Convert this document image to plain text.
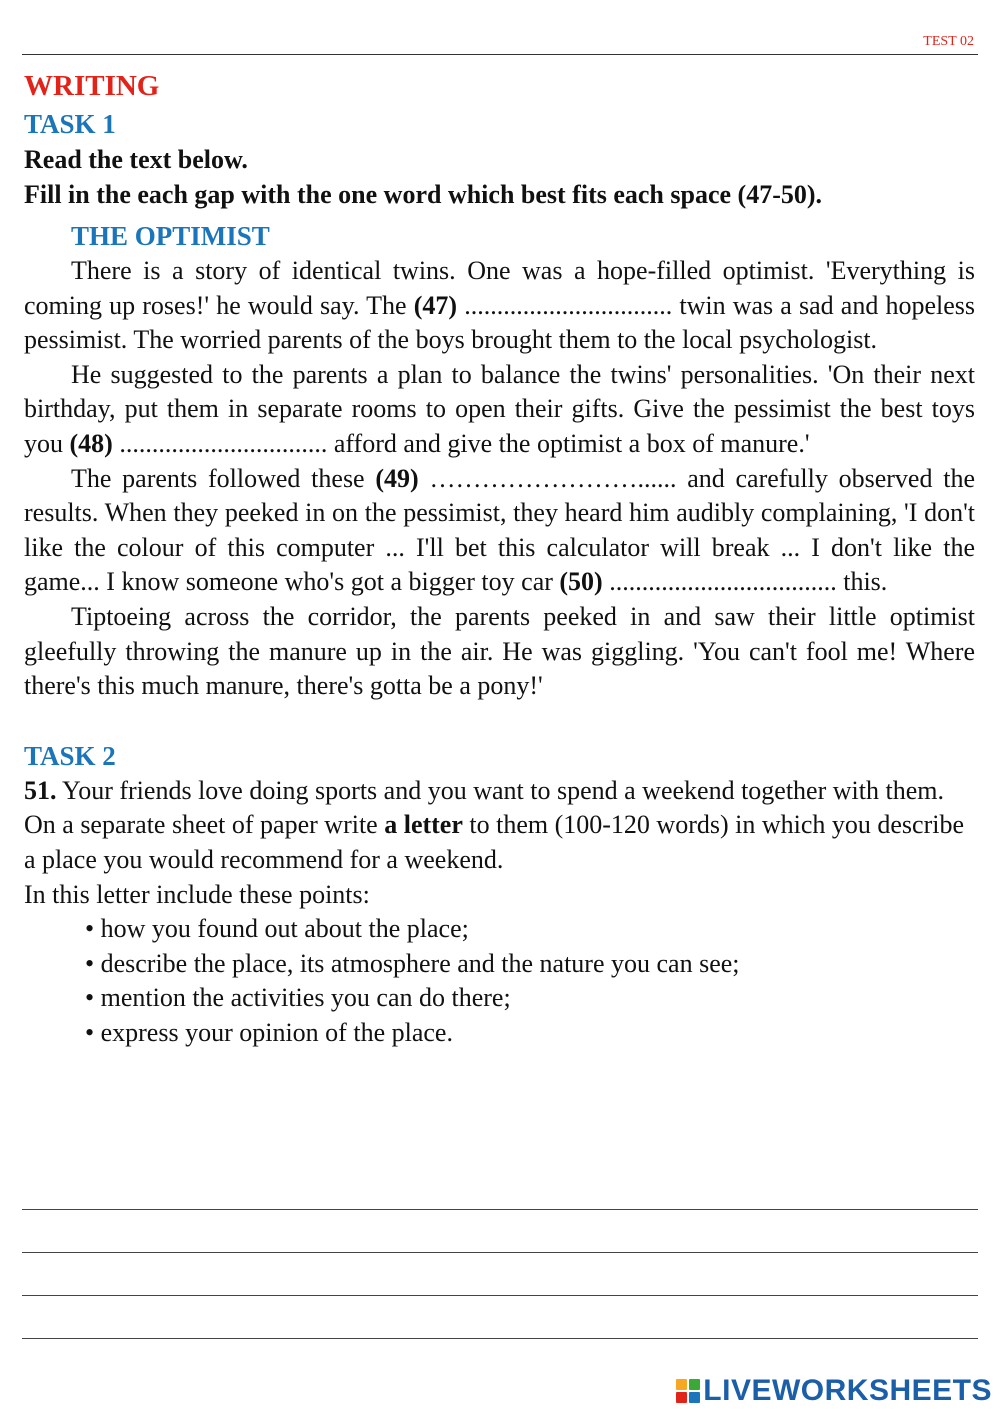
TEST 02
WRITING
TASK 1

Read the text below.

Fill in the each gap with the one word which best fits each space (47-50).

THE OPTIMIST

There is a story of identical twins. One was a hope-filled optimist. 'Everything is coming up roses!' he would say. The (47) ................................ twin was a sad and hopeless pessimist. The worried parents of the boys brought them to the local psychologist.

He suggested to the parents a plan to balance the twins' personalities. 'On their next birthday, put them in separate rooms to open their gifts. Give the pessimist the best toys you (48) ................................ afford and give the optimist a box of manure.'

The parents followed these (49) ……………………...... and carefully observed the results. When they peeked in on the pessimist, they heard him audibly complaining, 'I don't like the colour of this computer ... I'll bet this calculator will break ... I don't like the game... I know someone who's got a bigger toy car (50) ................................... this.

Tiptoeing across the corridor, the parents peeked in and saw their little optimist gleefully throwing the manure up in the air. He was giggling. 'You can't fool me! Where there's this much manure, there's gotta be a pony!'

TASK 2

51. Your friends love doing sports and you want to spend a weekend together with them. On a separate sheet of paper write a letter to them (100-120 words) in which you describe a place you would recommend for a weekend.

In this letter include these points:

• how you found out about the place;
• describe the place, its atmosphere and the nature you can see;
• mention the activities you can do there;
• express your opinion of the place.
LIVEWORKSHEETS
